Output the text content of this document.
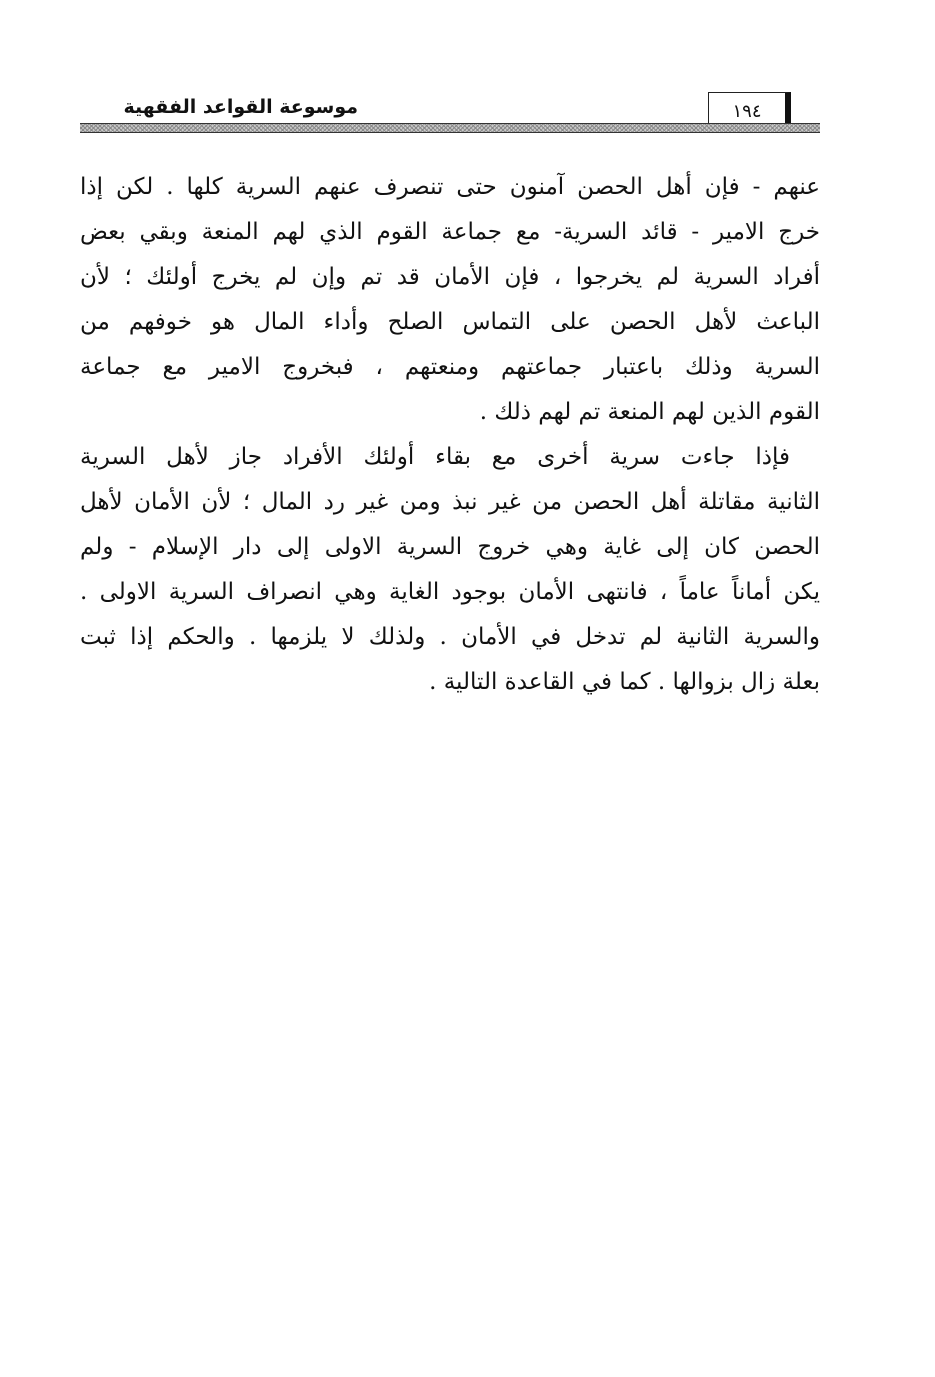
موسوعة القواعد الفقهية	١٩٤
عنهم - فإن أهل الحصن آمنون حتى تنصرف عنهم السرية كلها . لكن إذا
خرج الامير - قائد السرية- مع جماعة القوم الذي لهم المنعة وبقي بعض
أفراد السرية لم يخرجوا ، فإن الأمان قد تم وإن لم يخرج أولئك ؛ لأن
الباعث لأهل الحصن على التماس الصلح وأداء المال هو خوفهم من
السرية وذلك باعتبار جماعتهم ومنعتهم ، فبخروج الامير مع جماعة
القوم الذين لهم المنعة تم لهم ذلك .
فإذا جاءت سرية أخرى مع بقاء أولئك الأفراد جاز لأهل السرية
الثانية مقاتلة أهل الحصن من غير نبذ ومن غير رد المال ؛ لأن الأمان لأهل
الحصن كان إلى غاية وهي خروج السرية الاولى إلى دار الإسلام - ولم
يكن أماناً عاماً ، فانتهى الأمان بوجود الغاية وهي انصراف السرية الاولى .
والسرية الثانية لم تدخل في الأمان . ولذلك لا يلزمها . والحكم إذا ثبت
بعلة زال بزوالها . كما في القاعدة التالية .
